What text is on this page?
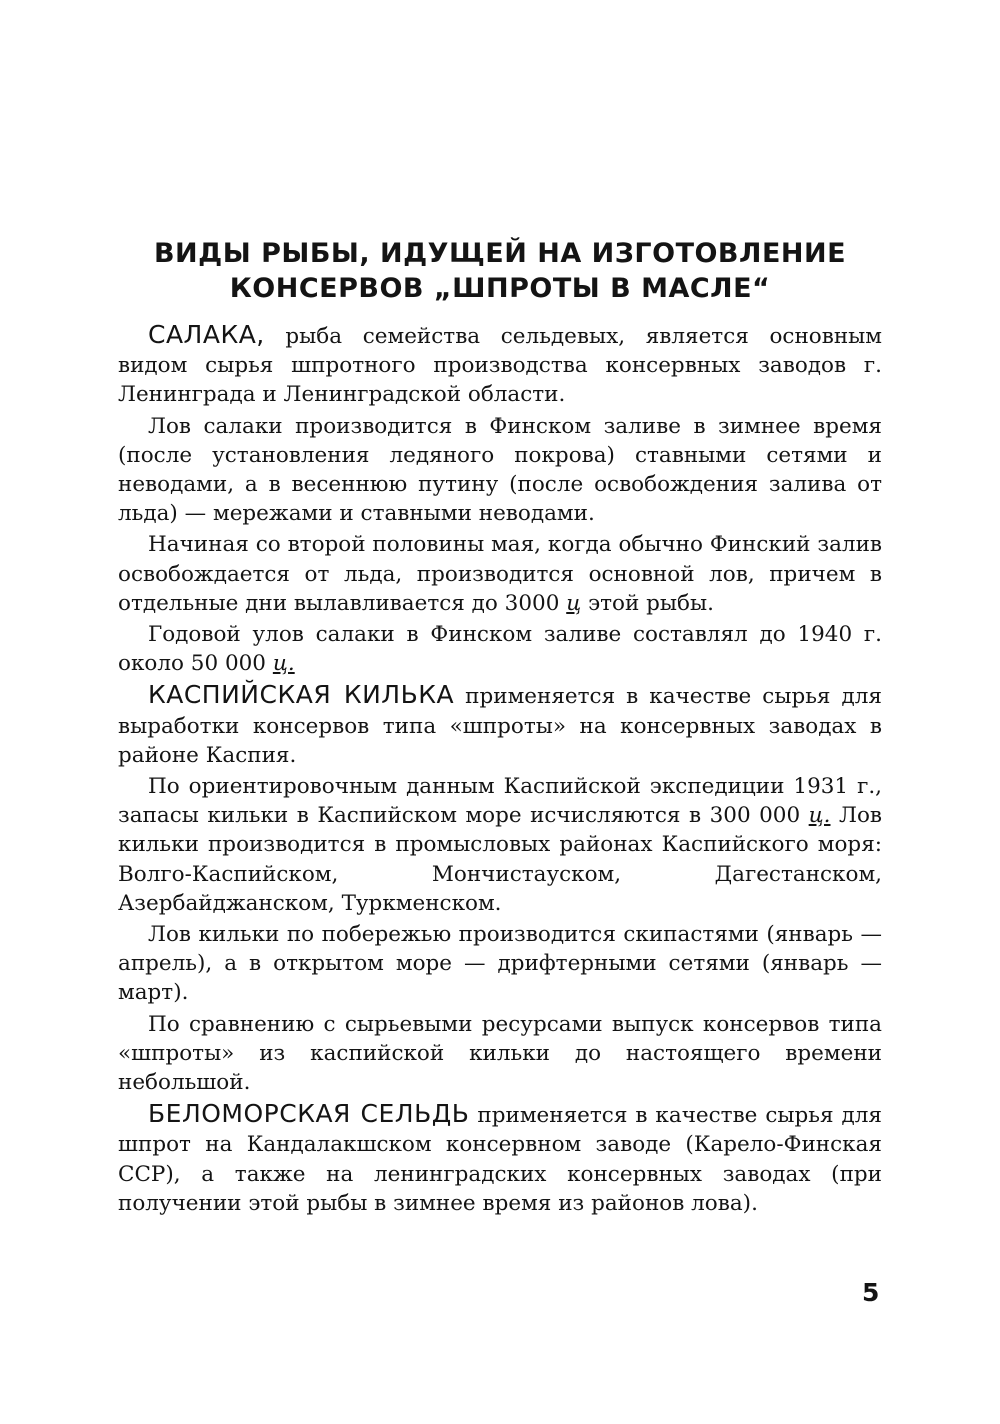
ВИДЫ РЫБЫ, ИДУЩЕЙ НА ИЗГОТОВЛЕНИЕ
КОНСЕРВОВ „ШПРОТЫ В МАСЛЕ“

САЛАКА, рыба семейства сельдевых, является основным видом сырья шпротного производства консервных заводов г. Ленинграда и Ленинградской области.

Лов салаки производится в Финском заливе в зимнее время (после установления ледяного покрова) ставными сетями и неводами, а в весеннюю путину (после освобождения залива от льда) — мережами и ставными неводами.

Начиная со второй половины мая, когда обычно Финский залив освобождается от льда, производится основной лов, причем в отдельные дни вылавливается до 3000 ц этой рыбы.

Годовой улов салаки в Финском заливе составлял до 1940 г. около 50 000 ц.

КАСПИЙСКАЯ КИЛЬКА применяется в качестве сырья для выработки консервов типа «шпроты» на консервных заводах в районе Каспия.

По ориентировочным данным Каспийской экспедиции 1931 г., запасы кильки в Каспийском море исчисляются в 300 000 ц. Лов кильки производится в промысловых районах Каспийского моря: Волго-Каспийском, Мончистауском, Дагестанском, Азербайджанском, Туркменском.

Лов кильки по побережью производится скипастями (январь — апрель), а в открытом море — дрифтерными сетями (январь — март).

По сравнению с сырьевыми ресурсами выпуск консервов типа «шпроты» из каспийской кильки до настоящего времени небольшой.

БЕЛОМОРСКАЯ СЕЛЬДЬ применяется в качестве сырья для шпрот на Кандалакшском консервном заводе (Карело-Финская ССР), а также на ленинградских консервных заводах (при получении этой рыбы в зимнее время из районов лова).

5
